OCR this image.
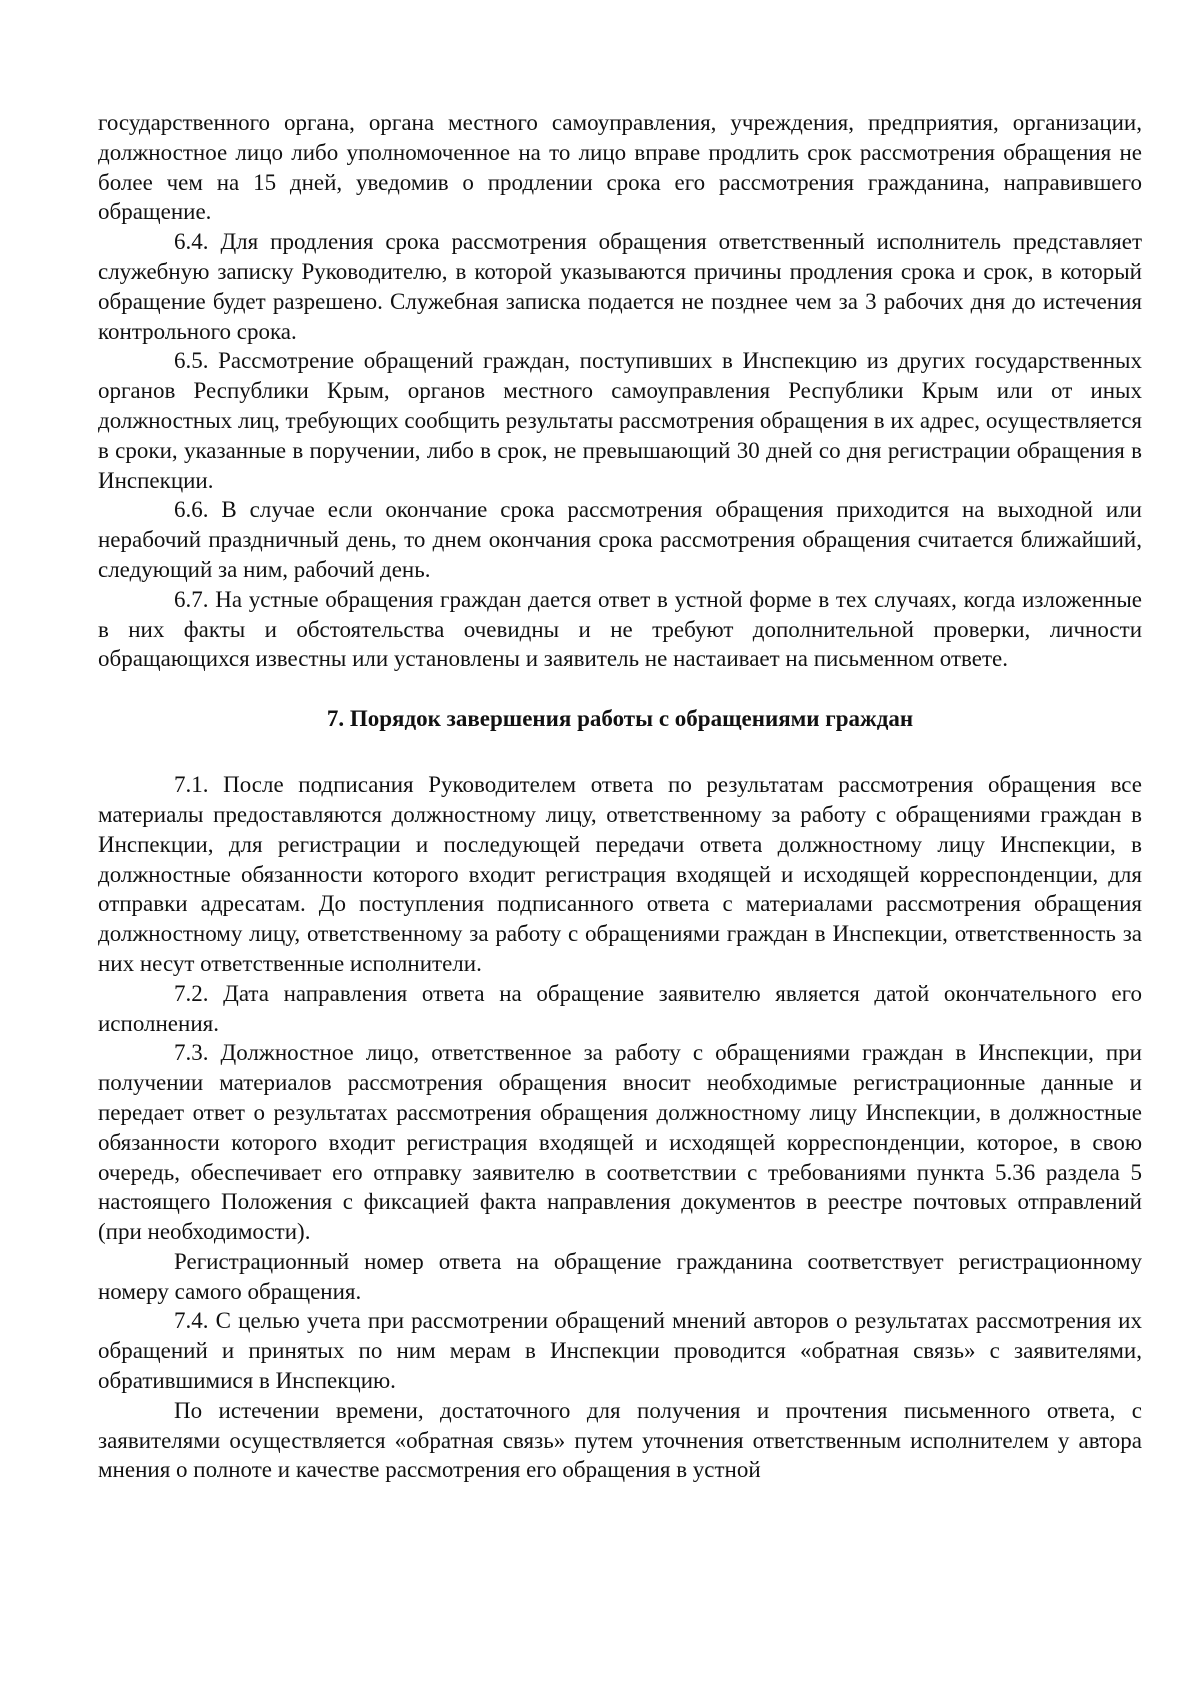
государственного органа, органа местного самоуправления, учреждения, предприятия, организации, должностное лицо либо уполномоченное на то лицо вправе продлить срок рассмотрения обращения не более чем на 15 дней, уведомив о продлении срока его рассмотрения гражданина, направившего обращение.

6.4. Для продления срока рассмотрения обращения ответственный исполнитель представляет служебную записку Руководителю, в которой указываются причины продления срока и срок, в который обращение будет разрешено. Служебная записка подается не позднее чем за 3 рабочих дня до истечения контрольного срока.

6.5. Рассмотрение обращений граждан, поступивших в Инспекцию из других государственных органов Республики Крым, органов местного самоуправления Республики Крым или от иных должностных лиц, требующих сообщить результаты рассмотрения обращения в их адрес, осуществляется в сроки, указанные в поручении, либо в срок, не превышающий 30 дней со дня регистрации обращения в Инспекции.

6.6. В случае если окончание срока рассмотрения обращения приходится на выходной или нерабочий праздничный день, то днем окончания срока рассмотрения обращения считается ближайший, следующий за ним, рабочий день.

6.7. На устные обращения граждан дается ответ в устной форме в тех случаях, когда изложенные в них факты и обстоятельства очевидны и не требуют дополнительной проверки, личности обращающихся известны или установлены и заявитель не настаивает на письменном ответе.

7. Порядок завершения работы с обращениями граждан

7.1. После подписания Руководителем ответа по результатам рассмотрения обращения все материалы предоставляются должностному лицу, ответственному за работу с обращениями граждан в Инспекции, для регистрации и последующей передачи ответа должностному лицу Инспекции, в должностные обязанности которого входит регистрация входящей и исходящей корреспонденции, для отправки адресатам. До поступления подписанного ответа с материалами рассмотрения обращения должностному лицу, ответственному за работу с обращениями граждан в Инспекции, ответственность за них несут ответственные исполнители.

7.2. Дата направления ответа на обращение заявителю является датой окончательного его исполнения.

7.3. Должностное лицо, ответственное за работу с обращениями граждан в Инспекции, при получении материалов рассмотрения обращения вносит необходимые регистрационные данные и передает ответ о результатах рассмотрения обращения должностному лицу Инспекции, в должностные обязанности которого входит регистрация входящей и исходящей корреспонденции, которое, в свою очередь, обеспечивает его отправку заявителю в соответствии с требованиями пункта 5.36 раздела 5 настоящего Положения с фиксацией факта направления документов в реестре почтовых отправлений (при необходимости).

Регистрационный номер ответа на обращение гражданина соответствует регистрационному номеру самого обращения.

7.4. С целью учета при рассмотрении обращений мнений авторов о результатах рассмотрения их обращений и принятых по ним мерам в Инспекции проводится «обратная связь» с заявителями, обратившимися в Инспекцию.

По истечении времени, достаточного для получения и прочтения письменного ответа, с заявителями осуществляется «обратная связь» путем уточнения ответственным исполнителем у автора мнения о полноте и качестве рассмотрения его обращения в устной
